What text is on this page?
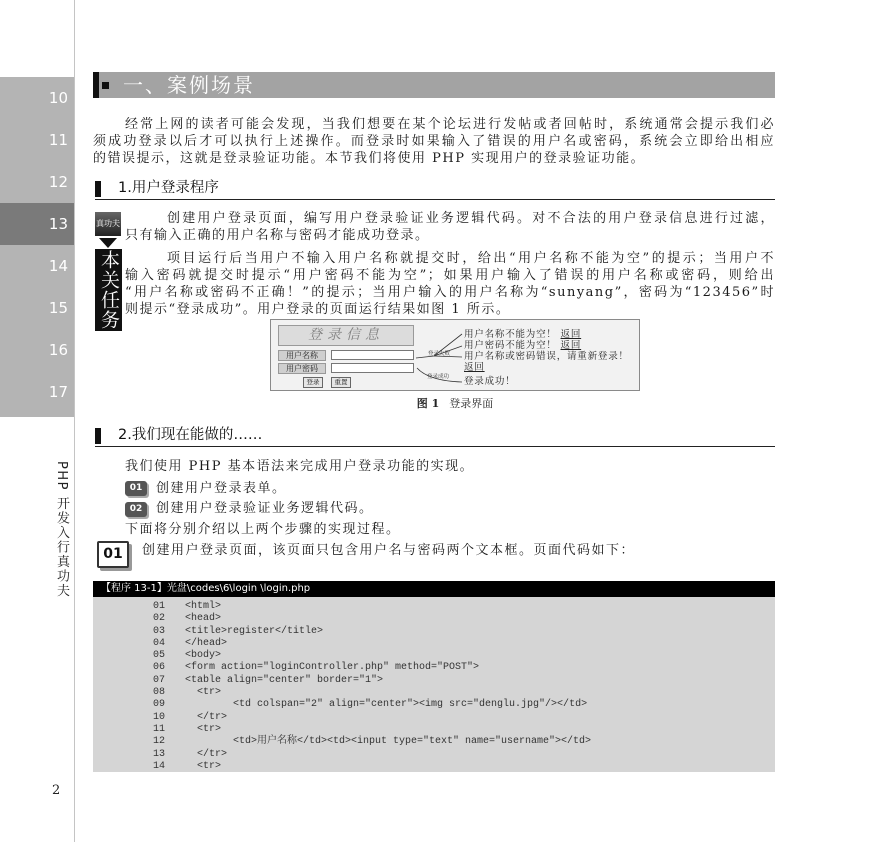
10
11
12
13
14
15
16
17
PHP 开发入行真功夫
2
一、案例场景
经常上网的读者可能会发现，当我们想要在某个论坛进行发帖或者回帖时，系统通常会提示我们必
须成功登录以后才可以执行上述操作。而登录时如果输入了错误的用户名或密码，系统会立即给出相应
的错误提示，这就是登录验证功能。本节我们将使用 PHP 实现用户的登录验证功能。
1.用户登录程序
真功夫
本关任务
创建用户登录页面，编写用户登录验证业务逻辑代码。对不合法的用户登录信息进行过滤，
只有输入正确的用户名称与密码才能成功登录。
项目运行后当用户不输入用户名称就提交时，给出“用户名称不能为空”的提示；当用户不
输入密码就提交时提示“用户密码不能为空”；如果用户输入了错误的用户名称或密码，则给出
“用户名称或密码不正确！”的提示；当用户输入的用户名称为“sunyang”，密码为“123456”时
则提示“登录成功”。用户登录的页面运行结果如图 1 所示。
登录信息
用户名称
用户密码
登录	重置
登录失败
登录成功
用户名称不能为空！ 返回
用户密码不能为空！ 返回
用户名称或密码错误，请重新登录！
返回
登录成功！
图 1 登录界面
2.我们现在能做的……
我们使用 PHP 基本语法来完成用户登录功能的实现。
01	创建用户登录表单。
02	创建用户登录验证业务逻辑代码。
下面将分别介绍以上两个步骤的实现过程。
01	创建用户登录页面，该页面只包含用户名与密码两个文本框。页面代码如下：
【程序 13-1】光盘\codes\6\login \login.php
01 <html>
02 <head>
03 <title>register</title>
04 </head>
05 <body>
06 <form action="loginController.php" method="POST">
07 <table align="center" border="1">
08 <tr>
09 <td colspan="2" align="center"><img src="denglu.jpg"/></td>
10 </tr>
11 <tr>
12 <td>用户名称</td><td><input type="text" name="username"></td>
13 </tr>
14 <tr>
